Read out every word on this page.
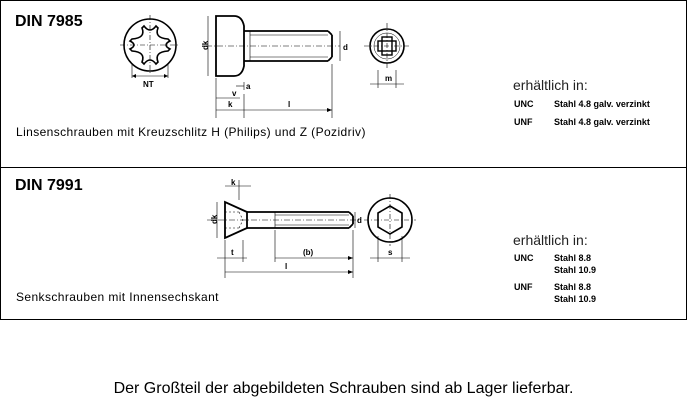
DIN 7985
NT
dk	d
a
v
k	l
m
Linsenschrauben mit Kreuzschlitz H (Philips) und Z (Pozidriv)
erhältlich in:
UNC Stahl 4.8 galv. verzinkt
UNF Stahl 4.8 galv. verzinkt
DIN 7991	k
dk	d
t	(b)
l
s
Senkschrauben mit Innensechskant
erhältlich in:
UNC Stahl 8.8
Stahl 10.9
UNF Stahl 8.8
Stahl 10.9
Der Großteil der abgebildeten Schrauben sind ab Lager lieferbar.
